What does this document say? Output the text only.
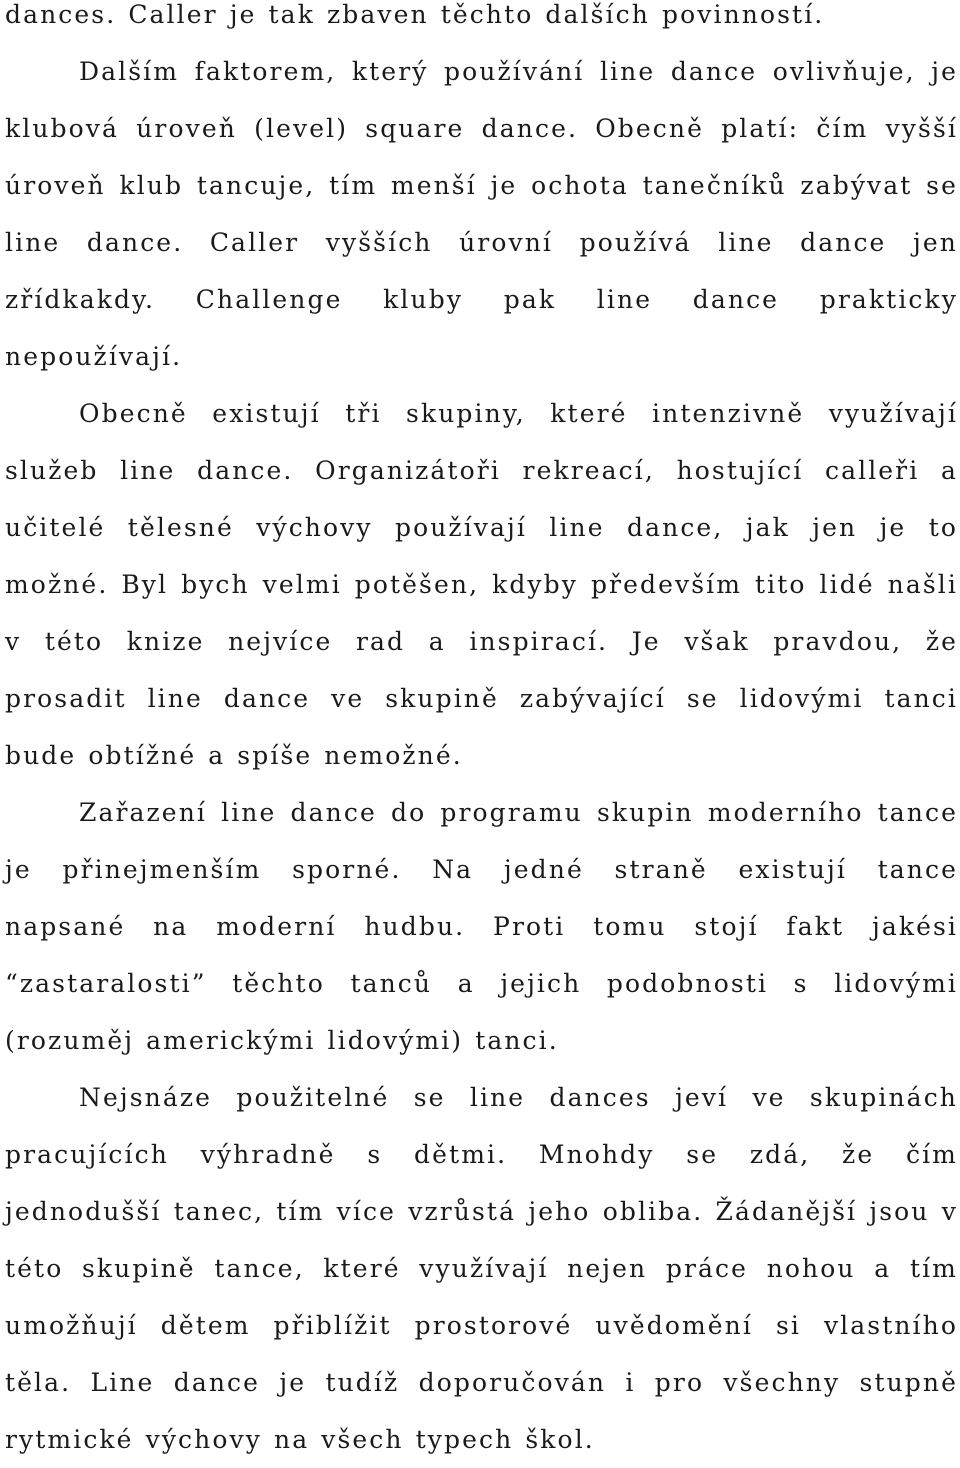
dances. Caller je tak zbaven těchto dalších povinností.

Dalším faktorem, který používání line dance ovlivňuje, je klubová úroveň (level) square dance. Obecně platí: čím vyšší úroveň klub tancuje, tím menší je ochota tanečníků zabývat se line dance. Caller vyšších úrovní používá line dance jen zřídkakdy. Challenge kluby pak line dance prakticky nepoužívají.

Obecně existují tři skupiny, které intenzivně využívají služeb line dance. Organizátoři rekreací, hostující calleři a učitelé tělesné výchovy používají line dance, jak jen je to možné. Byl bych velmi potěšen, kdyby především tito lidé našli v této knize nejvíce rad a inspirací. Je však pravdou, že prosadit line dance ve skupině zabývající se lidovými tanci bude obtížné a spíše nemožné.

Zařazení line dance do programu skupin moderního tance je přinejmenším sporné. Na jedné straně existují tance napsané na moderní hudbu. Proti tomu stojí fakt jakési “zastaralosti” těchto tanců a jejich podobnosti s lidovými (rozuměj americkými lidovými) tanci.

Nejsnáze použitelné se line dances jeví ve skupinách pracujících výhradně s dětmi. Mnohdy se zdá, že čím jednodušší tanec, tím více vzrůstá jeho obliba. Žádanější jsou v této skupině tance, které využívají nejen práce nohou a tím umožňují dětem přiblížit prostorové uvědomění si vlastního těla. Line dance je tudíž doporučován i pro všechny stupně rytmické výchovy na všech typech škol.
